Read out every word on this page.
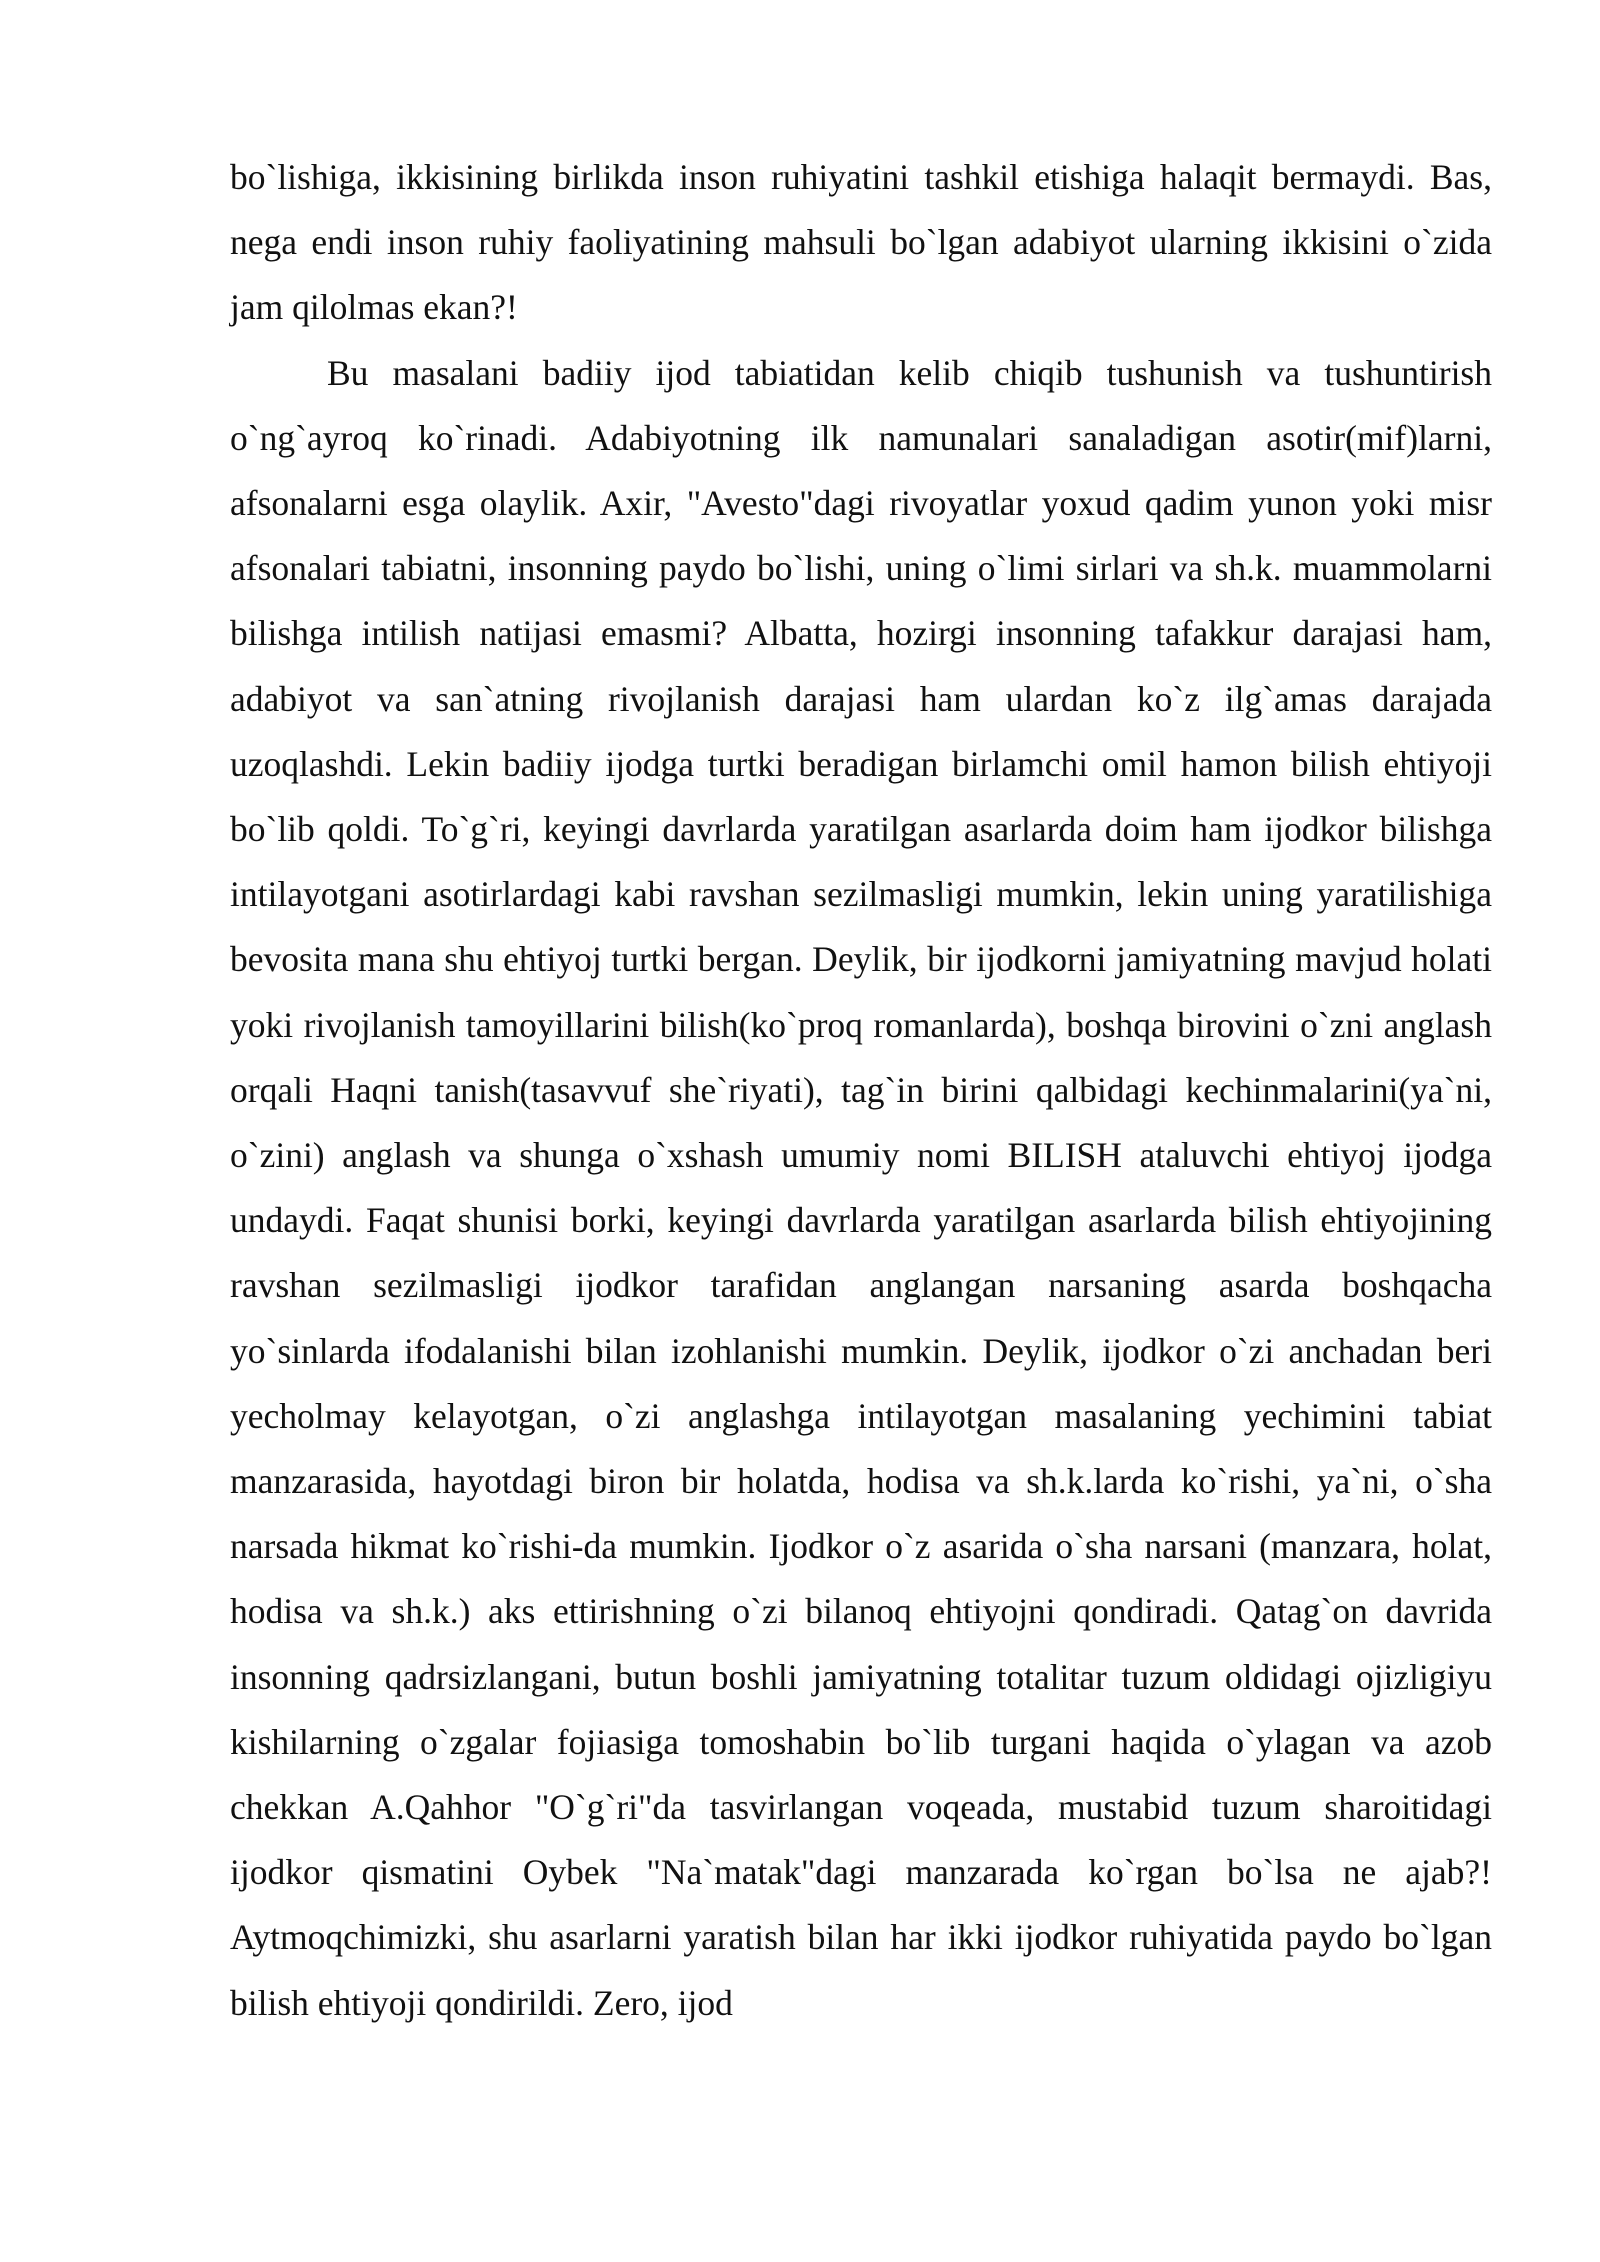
bo`lishiga, ikkisining birlikda inson ruhiyatini tashkil etishiga halaqit bermaydi. Bas, nega endi inson ruhiy faoliyatining mahsuli bo`lgan adabiyot ularning ikkisini o`zida jam qilolmas ekan?!

Bu masalani badiiy ijod tabiatidan kelib chiqib tushunish va tushuntirish o`ng`ayroq ko`rinadi. Adabiyotning ilk namunalari sanaladigan asotir(mif)larni, afsonalarni esga olaylik. Axir, "Avesto"dagi rivoyatlar yoxud qadim yunon yoki misr afsonalari tabiatni, insonning paydo bo`lishi, uning o`limi sirlari va sh.k. muammolarni bilishga intilish natijasi emasmi? Albatta, hozirgi insonning tafakkur darajasi ham, adabiyot va san`atning rivojlanish darajasi ham ulardan ko`z ilg`amas darajada uzoqlashdi. Lekin badiiy ijodga turtki beradigan birlamchi omil hamon bilish ehtiyoji bo`lib qoldi. To`g`ri, keyingi davrlarda yaratilgan asarlarda doim ham ijodkor bilishga intilayotgani asotirlardagi kabi ravshan sezilmasligi mumkin, lekin uning yaratilishiga bevosita mana shu ehtiyoj turtki bergan. Deylik, bir ijodkorni jamiyatning mavjud holati yoki rivojlanish tamoyillarini bilish(ko`proq romanlarda), boshqa birovini o`zni anglash orqali Haqni tanish(tasavvuf she`riyati), tag`in birini qalbidagi kechinmalarini(ya`ni, o`zini) anglash va shunga o`xshash umumiy nomi BILISH ataluvchi ehtiyoj ijodga undaydi. Faqat shunisi borki, keyingi davrlarda yaratilgan asarlarda bilish ehtiyojining ravshan sezilmasligi ijodkor tarafidan anglangan narsaning asarda boshqacha yo`sinlarda ifodalanishi bilan izohlanishi mumkin. Deylik, ijodkor o`zi anchadan beri yecholmay kelayotgan, o`zi anglashga intilayotgan masalaning yechimini tabiat manzarasida, hayotdagi biron bir holatda, hodisa va sh.k.larda ko`rishi, ya`ni, o`sha narsada hikmat ko`rishi-da mumkin. Ijodkor o`z asarida o`sha narsani (manzara, holat, hodisa va sh.k.) aks ettirishning o`zi bilanoq ehtiyojni qondiradi. Qatag`on davrida insonning qadrsizlangani, butun boshli jamiyatning totalitar tuzum oldidagi ojizligiyu kishilarning o`zgalar fojiasiga tomoshabin bo`lib turgani haqida o`ylagan va azob chekkan A.Qahhor "O`g`ri"da tasvirlangan voqeada, mustabid tuzum sharoitidagi ijodkor qismatini Oybek "Na`matak"dagi manzarada ko`rgan bo`lsa ne ajab?! Aytmoqchimizki, shu asarlarni yaratish bilan har ikki ijodkor ruhiyatida paydo bo`lgan bilish ehtiyoji qondirildi. Zero, ijod
